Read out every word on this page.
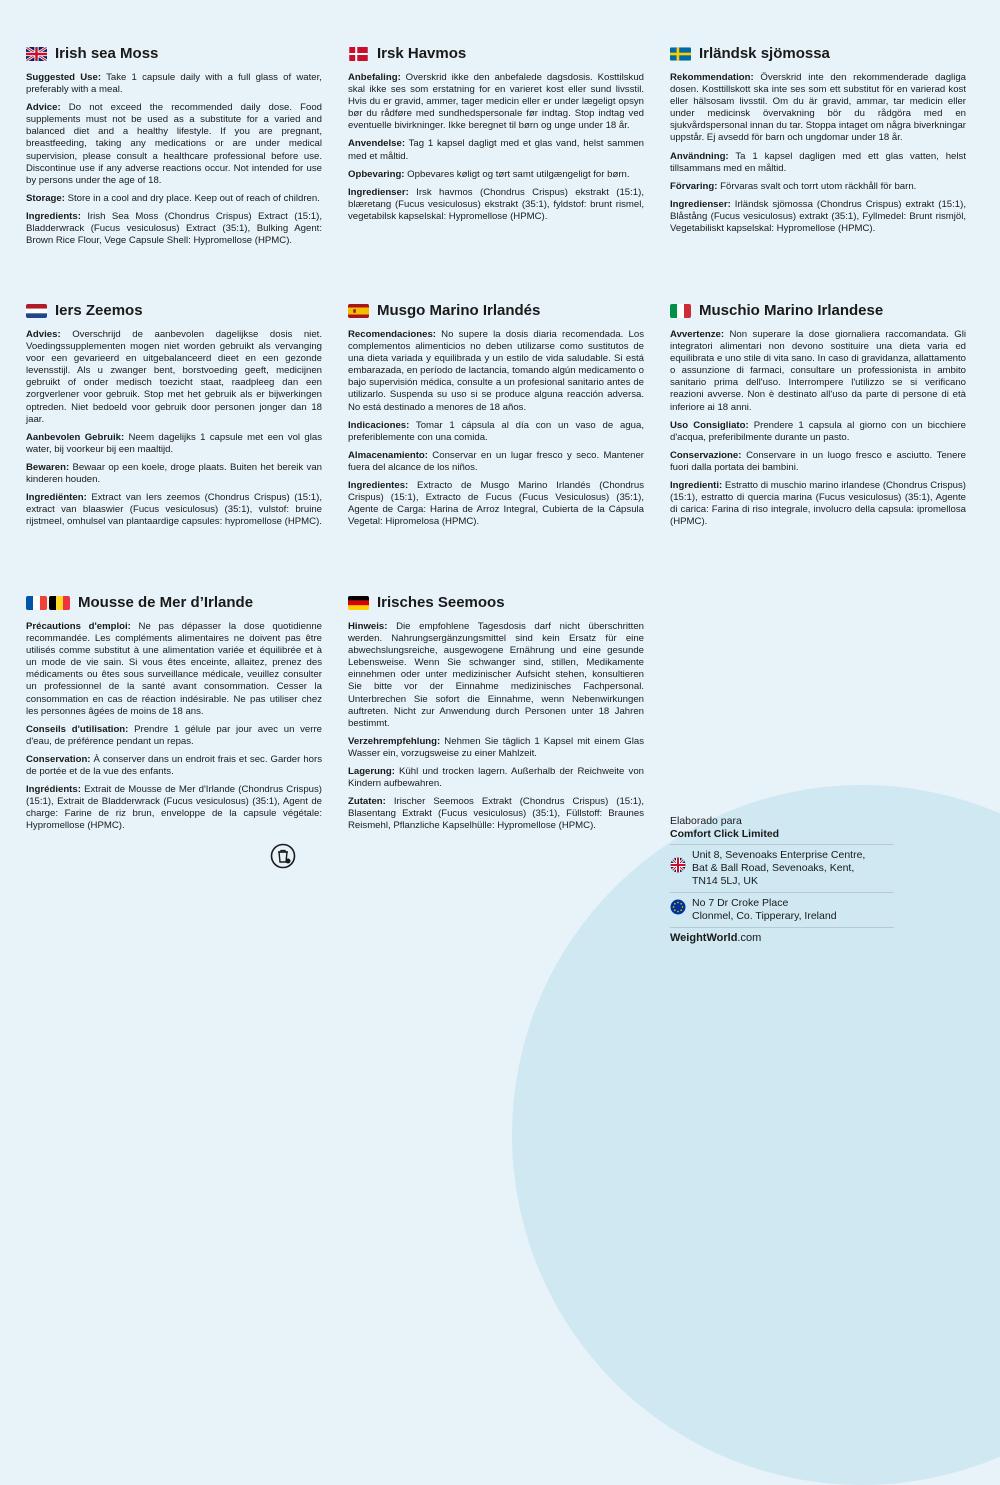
Irish sea Moss
Suggested Use: Take 1 capsule daily with a full glass of water, preferably with a meal.
Advice: Do not exceed the recommended daily dose. Food supplements must not be used as a substitute for a varied and balanced diet and a healthy lifestyle. If you are pregnant, breastfeeding, taking any medications or are under medical supervision, please consult a healthcare professional before use. Discontinue use if any adverse reactions occur. Not intended for use by persons under the age of 18.
Storage: Store in a cool and dry place. Keep out of reach of children.
Ingredients: Irish Sea Moss (Chondrus Crispus) Extract (15:1), Bladderwrack (Fucus vesiculosus) Extract (35:1), Bulking Agent: Brown Rice Flour, Vege Capsule Shell: Hypromellose (HPMC).
Irsk Havmos
Anbefaling: Overskrid ikke den anbefalede dagsdosis. Kosttilskud skal ikke ses som erstatning for en varieret kost eller sund livsstil. Hvis du er gravid, ammer, tager medicin eller er under lægeligt opsyn bør du rådføre med sundhedspersonale før indtag. Stop indtag ved eventuelle bivirkninger. Ikke beregnet til børn og unge under 18 år.
Anvendelse: Tag 1 kapsel dagligt med et glas vand, helst sammen med et måltid.
Opbevaring: Opbevares køligt og tørt samt utilgængeligt for børn.
Ingredienser: Irsk havmos (Chondrus Crispus) ekstrakt (15:1), blæretang (Fucus vesiculosus) ekstrakt (35:1), fyldstof: brunt rismel, vegetabilsk kapselskal: Hypromellose (HPMC).
Irländsk sjömossa
Rekommendation: Överskrid inte den rekommenderade dagliga dosen. Kosttillskott ska inte ses som ett substitut för en varierad kost eller hälsosam livsstil. Om du är gravid, ammar, tar medicin eller under medicinsk övervakning bör du rådgöra med en sjukvårdspersonal innan du tar. Stoppa intaget om några biverkningar uppstår. Ej avsedd för barn och ungdomar under 18 år.
Användning: Ta 1 kapsel dagligen med ett glas vatten, helst tillsammans med en måltid.
Förvaring: Förvaras svalt och torrt utom räckhåll för barn.
Ingredienser: Irländsk sjömossa (Chondrus Crispus) extrakt (15:1), Blåstång (Fucus vesiculosus) extrakt (35:1), Fyllmedel: Brunt rismjöl, Vegetabiliskt kapselskal: Hypromellose (HPMC).
Iers Zeemos
Advies: Overschrijd de aanbevolen dagelijkse dosis niet. Voedingssupplementen mogen niet worden gebruikt als vervanging voor een gevarieerd en uitgebalanceerd dieet en een gezonde levensstijl. Als u zwanger bent, borstvoeding geeft, medicijnen gebruikt of onder medisch toezicht staat, raadpleeg dan een zorgverlener voor gebruik. Stop met het gebruik als er bijwerkingen optreden. Niet bedoeld voor gebruik door personen jonger dan 18 jaar.
Aanbevolen Gebruik: Neem dagelijks 1 capsule met een vol glas water, bij voorkeur bij een maaltijd.
Bewaren: Bewaar op een koele, droge plaats. Buiten het bereik van kinderen houden.
Ingrediënten: Extract van Iers zeemos (Chondrus Crispus) (15:1), extract van blaaswier (Fucus vesiculosus) (35:1), vulstof: bruine rijstmeel, omhulsel van plantaardige capsules: hypromellose (HPMC).
Musgo Marino Irlandés
Recomendaciones: No supere la dosis diaria recomendada. Los complementos alimenticios no deben utilizarse como sustitutos de una dieta variada y equilibrada y un estilo de vida saludable. Si está embarazada, en período de lactancia, tomando algún medicamento o bajo supervisión médica, consulte a un profesional sanitario antes de utilizarlo. Suspenda su uso si se produce alguna reacción adversa. No está destinado a menores de 18 años.
Indicaciones: Tomar 1 cápsula al día con un vaso de agua, preferiblemente con una comida.
Almacenamiento: Conservar en un lugar fresco y seco. Mantener fuera del alcance de los niños.
Ingredientes: Extracto de Musgo Marino Irlandés (Chondrus Crispus) (15:1), Extracto de Fucus (Fucus Vesiculosus) (35:1), Agente de Carga: Harina de Arroz Integral, Cubierta de la Cápsula Vegetal: Hipromelosa (HPMC).
Muschio Marino Irlandese
Avvertenze: Non superare la dose giornaliera raccomandata. Gli integratori alimentari non devono sostituire una dieta varia ed equilibrata e uno stile di vita sano. In caso di gravidanza, allattamento o assunzione di farmaci, consultare un professionista in ambito sanitario prima dell'uso. Interrompere l'utilizzo se si verificano reazioni avverse. Non è destinato all'uso da parte di persone di età inferiore ai 18 anni.
Uso Consigliato: Prendere 1 capsula al giorno con un bicchiere d'acqua, preferibilmente durante un pasto.
Conservazione: Conservare in un luogo fresco e asciutto. Tenere fuori dalla portata dei bambini.
Ingredienti: Estratto di muschio marino irlandese (Chondrus Crispus) (15:1), estratto di quercia marina (Fucus vesiculosus) (35:1), Agente di carica: Farina di riso integrale, involucro della capsula: ipromellosa (HPMC).
Mousse de Mer d’Irlande
Précautions d'emploi: Ne pas dépasser la dose quotidienne recommandée. Les compléments alimentaires ne doivent pas être utilisés comme substitut à une alimentation variée et équilibrée et à un mode de vie sain. Si vous êtes enceinte, allaitez, prenez des médicaments ou êtes sous surveillance médicale, veuillez consulter un professionnel de la santé avant consommation. Cesser la consommation en cas de réaction indésirable. Ne pas utiliser chez les personnes âgées de moins de 18 ans.
Conseils d'utilisation: Prendre 1 gélule par jour avec un verre d'eau, de préférence pendant un repas.
Conservation: À conserver dans un endroit frais et sec. Garder hors de portée et de la vue des enfants.
Ingrédients: Extrait de Mousse de Mer d'Irlande (Chondrus Crispus) (15:1), Extrait de Bladderwrack (Fucus vesiculosus) (35:1), Agent de charge: Farine de riz brun, enveloppe de la capsule végétale: Hypromellose (HPMC).
Irisches Seemoos
Hinweis: Die empfohlene Tagesdosis darf nicht überschritten werden. Nahrungsergänzungsmittel sind kein Ersatz für eine abwechslungsreiche, ausgewogene Ernährung und eine gesunde Lebensweise. Wenn Sie schwanger sind, stillen, Medikamente einnehmen oder unter medizinischer Aufsicht stehen, konsultieren Sie bitte vor der Einnahme medizinisches Fachpersonal. Unterbrechen Sie sofort die Einnahme, wenn Nebenwirkungen auftreten. Nicht zur Anwendung durch Personen unter 18 Jahren bestimmt.
Verzehrempfehlung: Nehmen Sie täglich 1 Kapsel mit einem Glas Wasser ein, vorzugsweise zu einer Mahlzeit.
Lagerung: Kühl und trocken lagern. Außerhalb der Reichweite von Kindern aufbewahren.
Zutaten: Irischer Seemoos Extrakt (Chondrus Crispus) (15:1), Blasentang Extrakt (Fucus vesiculosus) (35:1), Füllstoff: Braunes Reismehl, Pflanzliche Kapselhülle: Hypromellose (HPMC).	Elaborado para
Comfort Click Limited
Unit 8, Sevenoaks Enterprise Centre,
Bat & Ball Road, Sevenoaks, Kent,
TN14 5LJ, UK
No 7 Dr Croke Place
Clonmel, Co. Tipperary, Ireland
WeightWorld.com
